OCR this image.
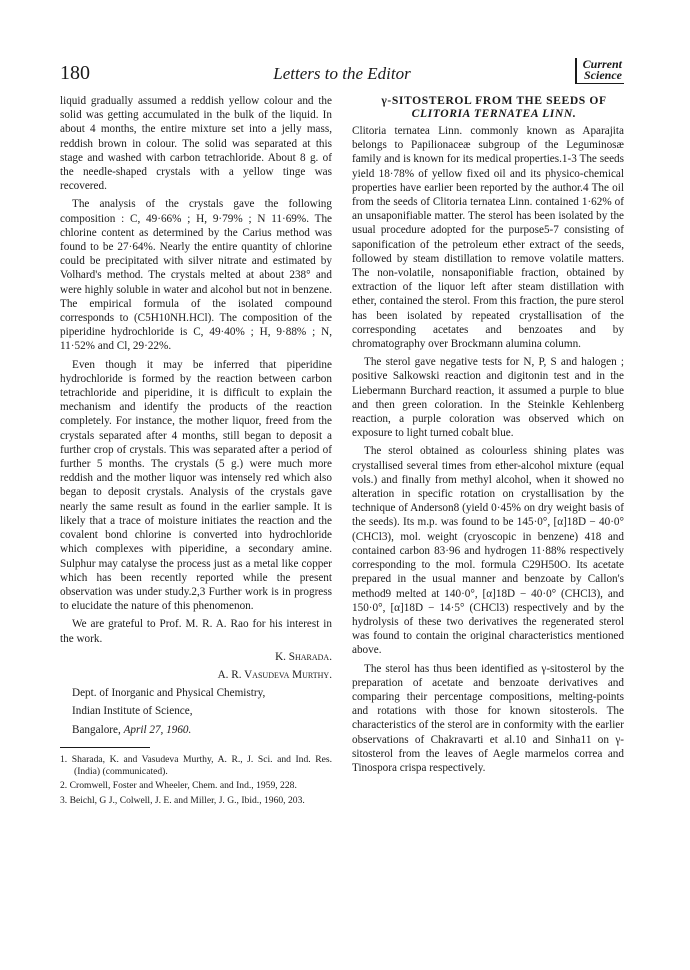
180	Letters to the Editor	Current
Science

liquid gradually assumed a reddish yellow colour and the solid was getting accumulated in the bulk of the liquid. In about 4 months, the entire mixture set into a jelly mass, reddish brown in colour. The solid was separated at this stage and washed with carbon tetrachloride. About 8 g. of the needle-shaped crystals with a yellow tinge was recovered.

The analysis of the crystals gave the following composition : C, 49·66% ; H, 9·79% ; N 11·69%. The chlorine content as determined by the Carius method was found to be 27·64%. Nearly the entire quantity of chlorine could be precipitated with silver nitrate and estimated by Volhard's method. The crystals melted at about 238° and were highly soluble in water and alcohol but not in benzene. The empirical formula of the isolated compound corresponds to (C5H10NH.HCl). The composition of the piperidine hydrochloride is C, 49·40% ; H, 9·88% ; N, 11·52% and Cl, 29·22%.

Even though it may be inferred that piperidine hydrochloride is formed by the reaction between carbon tetrachloride and piperidine, it is difficult to explain the mechanism and identify the products of the reaction completely. For instance, the mother liquor, freed from the crystals separated after 4 months, still began to deposit a further crop of crystals. This was separated after a period of further 5 months. The crystals (5 g.) were much more reddish and the mother liquor was intensely red which also began to deposit crystals. Analysis of the crystals gave nearly the same result as found in the earlier sample. It is likely that a trace of moisture initiates the reaction and the covalent bond chlorine is converted into hydrochloride which complexes with piperidine, a secondary amine. Sulphur may catalyse the process just as a metal like copper which has been recently reported while the present observation was under study.2,3 Further work is in progress to elucidate the nature of this phenomenon.

We are grateful to Prof. M. R. A. Rao for his interest in the work.

K. Sharada.

A. R. Vasudeva Murthy.

Dept. of Inorganic and Physical Chemistry,

Indian Institute of Science,

Bangalore, April 27, 1960.

1. Sharada, K. and Vasudeva Murthy, A. R., J. Sci. and Ind. Res. (India) (communicated).
2. Cromwell, Foster and Wheeler, Chem. and Ind., 1959, 228.
3. Beichl, G J., Colwell, J. E. and Miller, J. G., Ibid., 1960, 203.

γ-SITOSTEROL FROM THE SEEDS OF
CLITORIA TERNATEA LINN.

Clitoria ternatea Linn. commonly known as Aparajita belongs to Papilionaceæ subgroup of the Leguminosæ family and is known for its medical properties.1-3 The seeds yield 18·78% of yellow fixed oil and its physico-chemical properties have earlier been reported by the author.4 The oil from the seeds of Clitoria ternatea Linn. contained 1·62% of an unsaponifiable matter. The sterol has been isolated by the usual procedure adopted for the purpose5-7 consisting of saponification of the petroleum ether extract of the seeds, followed by steam distillation to remove volatile matters. The non-volatile, nonsaponifiable fraction, obtained by extraction of the liquor left after steam distillation with ether, contained the sterol. From this fraction, the pure sterol has been isolated by repeated crystallisation of the corresponding acetates and benzoates and by chromatography over Brockmann alumina column.

The sterol gave negative tests for N, P, S and halogen ; positive Salkowski reaction and digitonin test and in the Liebermann Burchard reaction, it assumed a purple to blue and then green coloration. In the Steinkle Kehlenberg reaction, a purple coloration was observed which on exposure to light turned cobalt blue.

The sterol obtained as colourless shining plates was crystallised several times from ether-alcohol mixture (equal vols.) and finally from methyl alcohol, when it showed no alteration in specific rotation on crystallisation by the technique of Anderson8 (yield 0·45% on dry weight basis of the seeds). Its m.p. was found to be 145·0°, [α]18D − 40·0° (CHCl3), mol. weight (cryoscopic in benzene) 418 and contained carbon 83·96 and hydrogen 11·88% respectively corresponding to the mol. formula C29H50O. Its acetate prepared in the usual manner and benzoate by Callon's method9 melted at 140·0°, [α]18D − 40·0° (CHCl3), and 150·0°, [α]18D − 14·5° (CHCl3) respectively and by the hydrolysis of these two derivatives the regenerated sterol was found to contain the original characteristics mentioned above.

The sterol has thus been identified as γ-sitosterol by the preparation of acetate and benzoate derivatives and comparing their percentage compositions, melting-points and rotations with those for known sitosterols. The characteristics of the sterol are in conformity with the earlier observations of Chakravarti et al.10 and Sinha11 on γ-sitosterol from the leaves of Aegle marmelos correa and Tinospora crispa respectively.
